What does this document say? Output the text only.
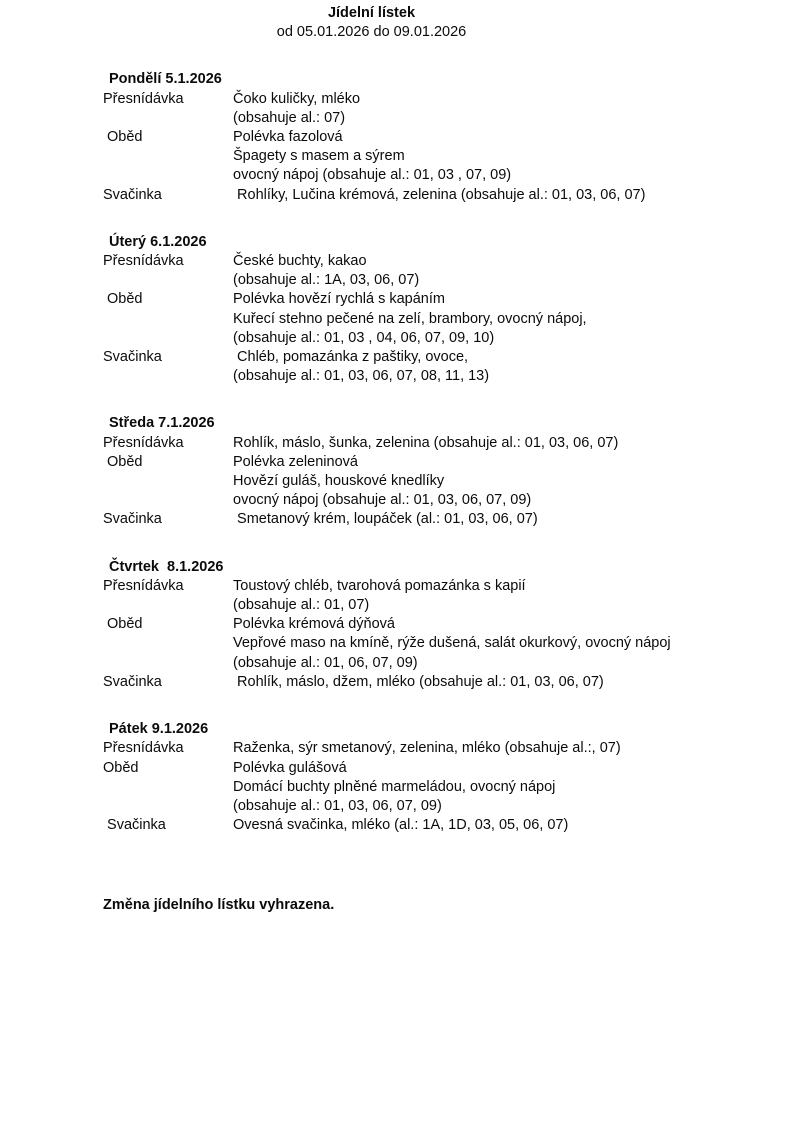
Jídelní lístek
od 05.01.2026 do 09.01.2026
Pondělí 5.1.2026
Přesnídávka	Čoko kuličky, mléko
(obsahuje al.: 07)
Oběd	Polévka fazolová
Špagety s masem a sýrem
ovocný nápoj (obsahuje al.: 01, 03 , 07, 09)
Svačinka	Rohlíky, Lučina krémová, zelenina (obsahuje al.: 01, 03, 06, 07)
Úterý 6.1.2026
Přesnídávka	České buchty, kakao
(obsahuje al.: 1A, 03, 06, 07)
Oběd	Polévka hovězí rychlá s kapáním
Kuřecí stehno pečené na zelí, brambory, ovocný nápoj,
(obsahuje al.: 01, 03 , 04, 06, 07, 09, 10)
Svačinka	Chléb, pomazánka z paštiky, ovoce,
(obsahuje al.: 01, 03, 06, 07, 08, 11, 13)
Středa 7.1.2026
Přesnídávka	Rohlík, máslo, šunka, zelenina (obsahuje al.: 01, 03, 06, 07)
Oběd	Polévka zeleninová
Hovězí guláš, houskové knedlíky
ovocný nápoj (obsahuje al.: 01, 03, 06, 07, 09)
Svačinka	Smetanový krém, loupáček (al.: 01, 03, 06, 07)
Čtvrtek  8.1.2026
Přesnídávka	Toustový chléb, tvarohová pomazánka s kapií
(obsahuje al.: 01, 07)
Oběd	Polévka krémová dýňová
Vepřové maso na kmíně, rýže dušená, salát okurkový, ovocný nápoj
(obsahuje al.: 01, 06, 07, 09)
Svačinka	Rohlík, máslo, džem, mléko (obsahuje al.: 01, 03, 06, 07)
Pátek 9.1.2026
Přesnídávka	Raženka, sýr smetanový, zelenina, mléko (obsahuje al.:, 07)
Oběd	Polévka gulášová
Domácí buchty plněné marmeládou, ovocný nápoj
(obsahuje al.: 01, 03, 06, 07, 09)
Svačinka	Ovesná svačinka, mléko (al.: 1A, 1D, 03, 05, 06, 07)
Změna jídelního lístku vyhrazena.
